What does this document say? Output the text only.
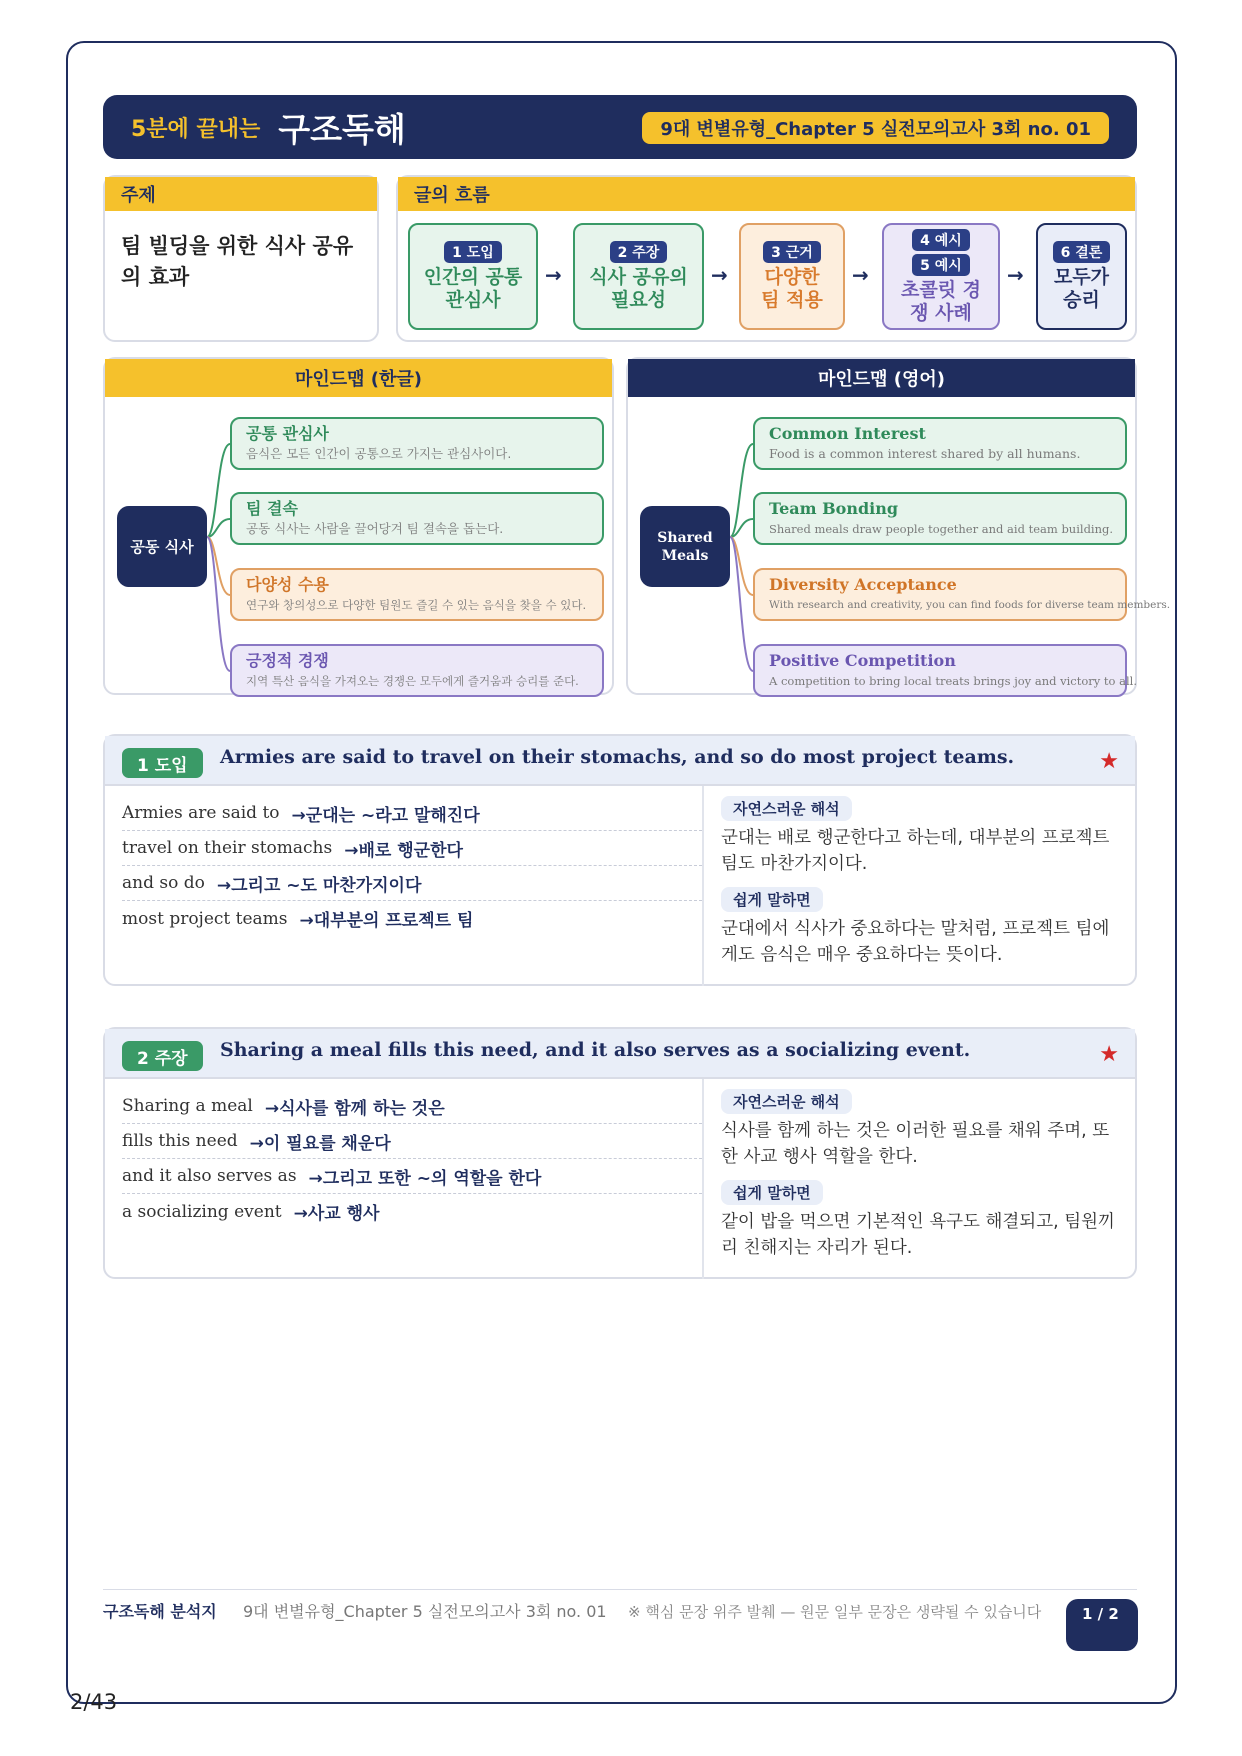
5분에 끝내는 구조독해	9대 변별유형_Chapter 5 실전모의고사 3회 no. 01
주제
팀 빌딩을 위한 식사 공유의 효과
글의 흐름
1 도입
인간의 공통 관심사
→
2 주장
식사 공유의 필요성
→
3 근거
다양한 팀 적용
→
4 예시
5 예시
초콜릿 경쟁 사례
→
6 결론
모두가 승리
마인드맵 (한글)
공동 식사
공통 관심사
음식은 모든 인간이 공통으로 가지는 관심사이다.
팀 결속
공동 식사는 사람을 끌어당겨 팀 결속을 돕는다.
다양성 수용
연구와 창의성으로 다양한 팀원도 즐길 수 있는 음식을 찾을 수 있다.
긍정적 경쟁
지역 특산 음식을 가져오는 경쟁은 모두에게 즐거움과 승리를 준다.
마인드맵 (영어)
Shared Meals
Common Interest
Food is a common interest shared by all humans.
Team Bonding
Shared meals draw people together and aid team building.
Diversity Acceptance
With research and creativity, you can find foods for diverse team members.
Positive Competition
A competition to bring local treats brings joy and victory to all.
1 도입	Armies are said to travel on their stomachs, and so do most project teams.	★
Armies are said to →군대는 ~라고 말해진다
travel on their stomachs →배로 행군한다
and so do →그리고 ~도 마찬가지이다
most project teams →대부분의 프로젝트 팀
자연스러운 해석
군대는 배로 행군한다고 하는데, 대부분의 프로젝트 팀도 마찬가지이다.
쉽게 말하면
군대에서 식사가 중요하다는 말처럼, 프로젝트 팀에게도 음식은 매우 중요하다는 뜻이다.
2 주장	Sharing a meal fills this need, and it also serves as a socializing event.	★
Sharing a meal →식사를 함께 하는 것은
fills this need →이 필요를 채운다
and it also serves as →그리고 또한 ~의 역할을 한다
a socializing event →사교 행사
자연스러운 해석
식사를 함께 하는 것은 이러한 필요를 채워 주며, 또한 사교 행사 역할을 한다.
쉽게 말하면
같이 밥을 먹으면 기본적인 욕구도 해결되고, 팀원끼리 친해지는 자리가 된다.
구조독해 분석지	9대 변별유형_Chapter 5 실전모의고사 3회 no. 01	※ 핵심 문장 위주 발췌 — 원문 일부 문장은 생략될 수 있습니다	1 / 2
2/43
